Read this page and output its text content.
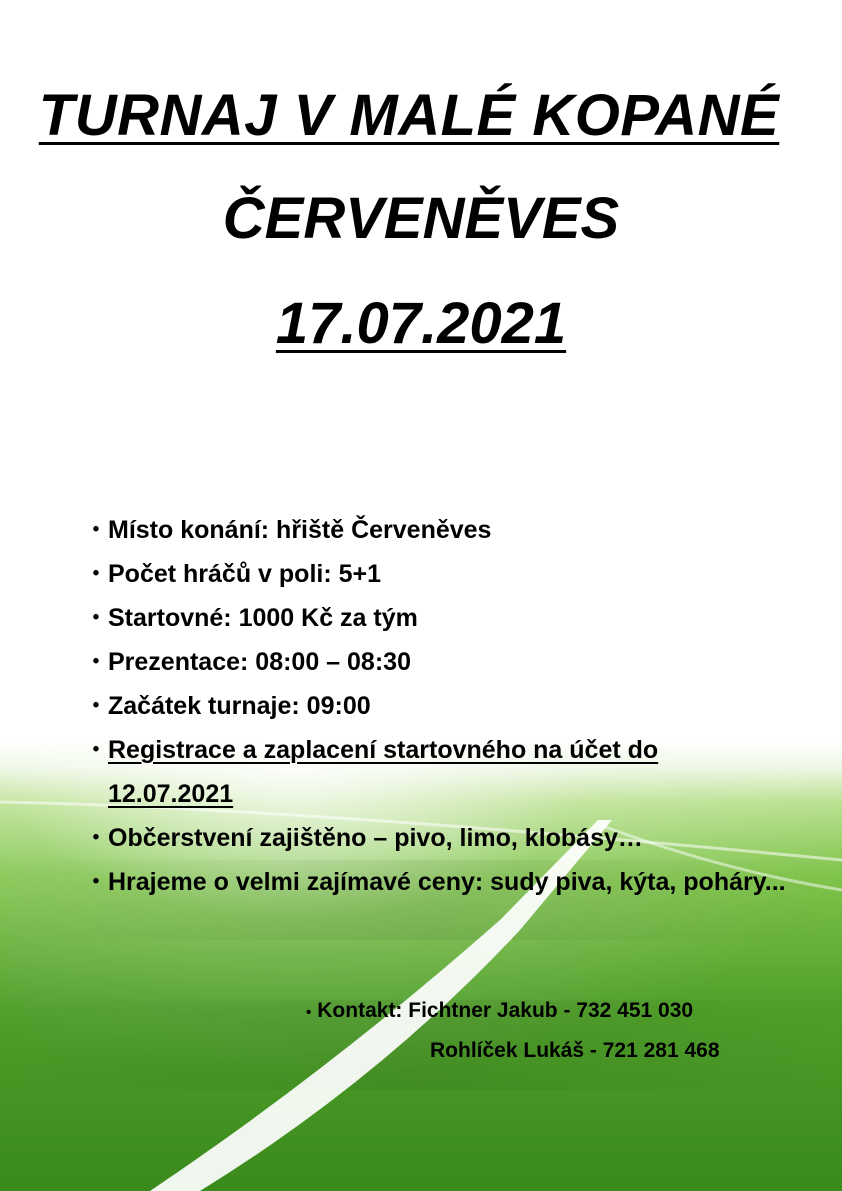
TURNAJ V MALÉ KOPANÉ
ČERVENĚVES
17.07.2021
• Místo konání: hřiště Červeněves
• Počet hráčů v poli: 5+1
• Startovné: 1000 Kč za tým
• Prezentace: 08:00 – 08:30
• Začátek turnaje: 09:00
• Registrace a zaplacení startovného na účet do 12.07.2021
• Občerstvení zajištěno – pivo, limo, klobásy…
• Hrajeme o velmi zajímavé ceny: sudy piva, kýta, poháry...
• Kontakt: Fichtner Jakub - 732 451 030
Rohlíček Lukáš - 721 281 468
